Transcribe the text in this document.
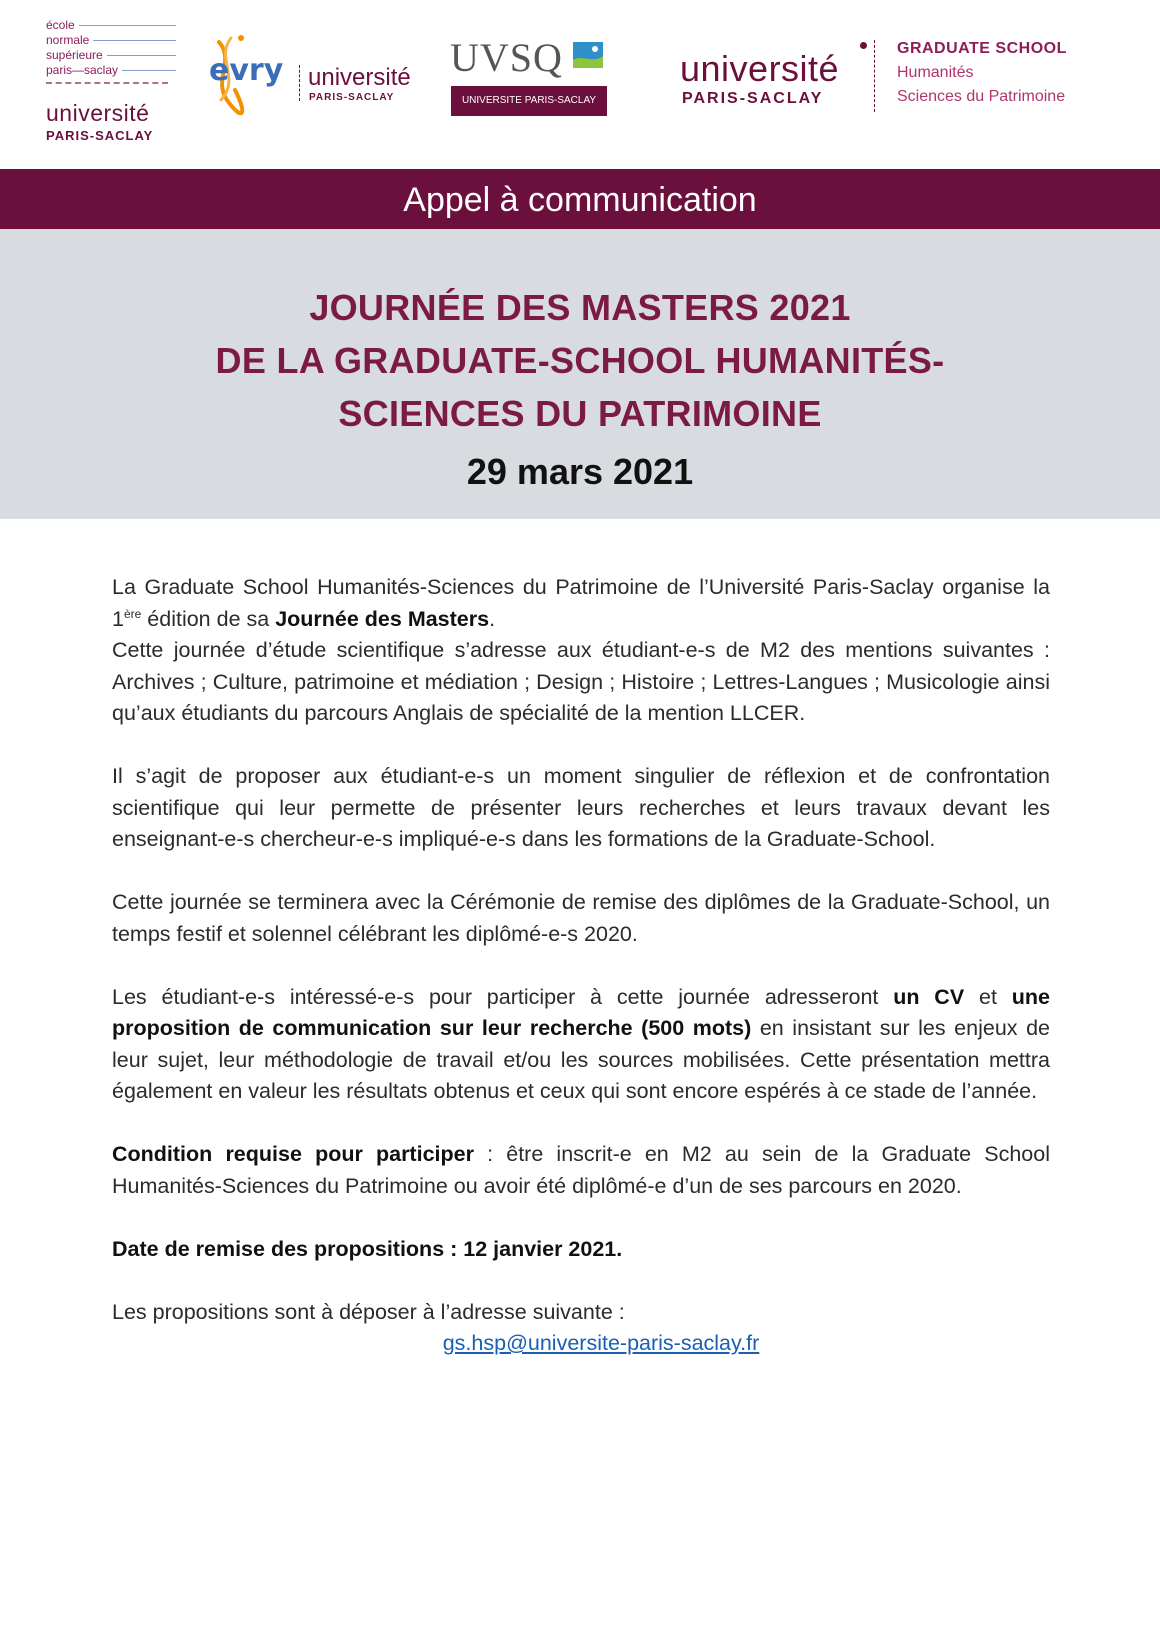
école
normale
supérieure
paris—saclay
université
PARIS-SACLAY
evry université
PARIS-SACLAY
UVSQ
UNIVERSITE PARIS-SACLAY
université
PARIS-SACLAY
GRADUATE SCHOOL
Humanités
Sciences du Patrimoine
Appel à communication
JOURNÉE DES MASTERS 2021
DE LA GRADUATE-SCHOOL HUMANITÉS-
SCIENCES DU PATRIMOINE
29 mars 2021

La Graduate School Humanités-Sciences du Patrimoine de l’Université Paris-Saclay organise la 1ère édition de sa Journée des Masters.

Cette journée d’étude scientifique s’adresse aux étudiant-e-s de M2 des mentions suivantes : Archives ; Culture, patrimoine et médiation ; Design ; Histoire ; Lettres-Langues ; Musicologie ainsi qu’aux étudiants du parcours Anglais de spécialité de la mention LLCER.

Il s’agit de proposer aux étudiant-e-s un moment singulier de réflexion et de confrontation scientifique qui leur permette de présenter leurs recherches et leurs travaux devant les enseignant-e-s chercheur-e-s impliqué-e-s dans les formations de la Graduate-School.

Cette journée se terminera avec la Cérémonie de remise des diplômes de la Graduate-School, un temps festif et solennel célébrant les diplômé-e-s 2020.

Les étudiant-e-s intéressé-e-s pour participer à cette journée adresseront un CV et une proposition de communication sur leur recherche (500 mots) en insistant sur les enjeux de leur sujet, leur méthodologie de travail et/ou les sources mobilisées. Cette présentation mettra également en valeur les résultats obtenus et ceux qui sont encore espérés à ce stade de l’année.

Condition requise pour participer : être inscrit-e en M2 au sein de la Graduate School Humanités-Sciences du Patrimoine ou avoir été diplômé-e d’un de ses parcours en 2020.

Date de remise des propositions : 12 janvier 2021.

Les propositions sont à déposer à l’adresse suivante :

gs.hsp@universite-paris-saclay.fr
